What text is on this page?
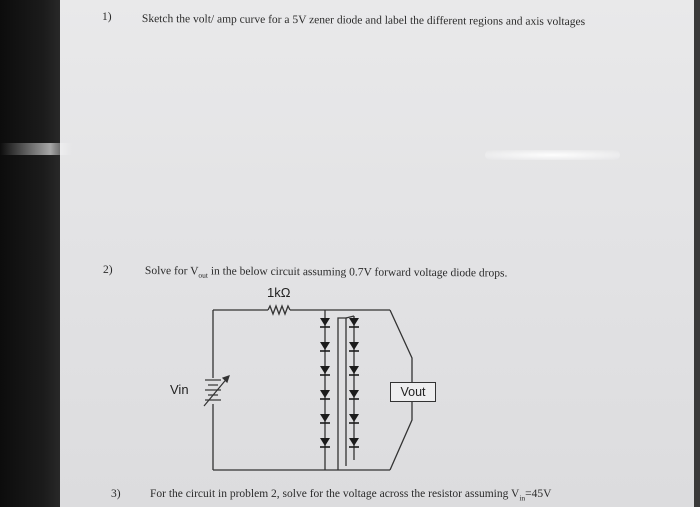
1)	Sketch the volt/ amp curve for a 5V zener diode and label the different regions and axis voltages
2)	Solve for $V_{out}$ in the below circuit assuming 0.7V forward voltage diode drops.
3)	For the circuit in problem 2, solve for the voltage across the resistor assuming $V_{in}=45V$
1kΩ
Vin	Vout
